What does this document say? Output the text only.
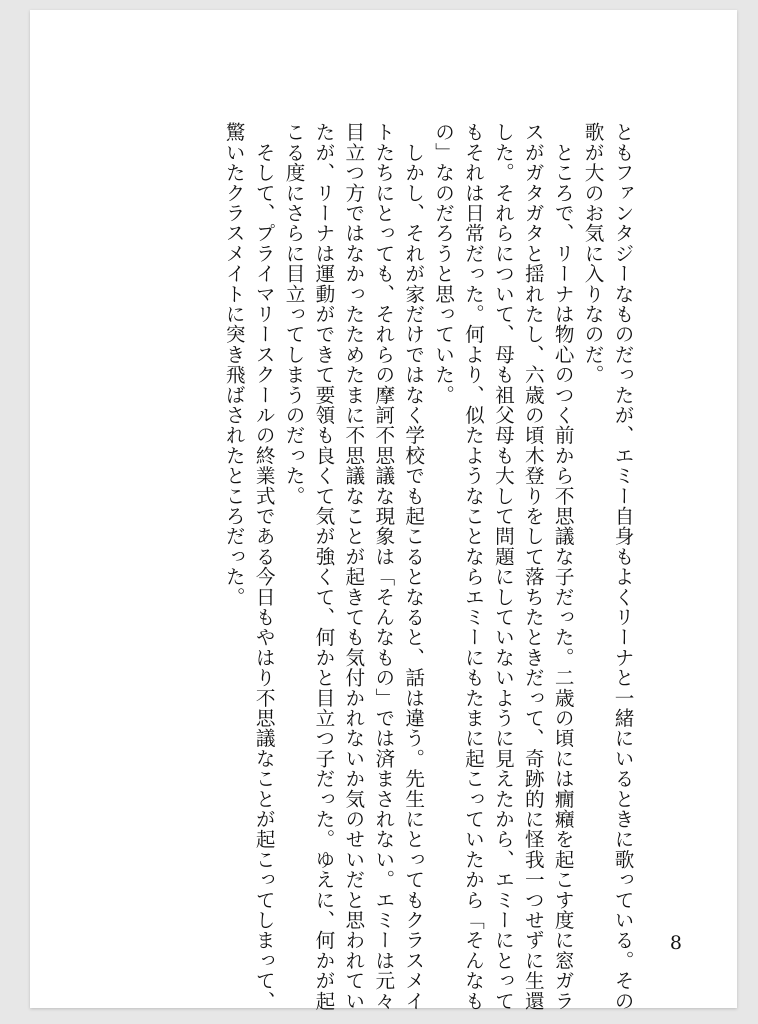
ともファンタジーなものだったが、エミー自身もよくリーナと一緒にいるときに歌っている。その
歌が大のお気に入りなのだ。
　ところで、リーナは物心のつく前から不思議な子だった。二歳の頃には癇癪を起こす度に窓ガラ
スがガタガタと揺れたし、六歳の頃木登りをして落ちたときだって、奇跡的に怪我一つせずに生還
した。それらについて、母も祖父母も大して問題にしていないように見えたから、エミーにとって
もそれは日常だった。何より、似たようなことならエミーにもたまに起こっていたから「そんなも
の」なのだろうと思っていた。
　しかし、それが家だけではなく学校でも起こるとなると、話は違う。先生にとってもクラスメイ
トたちにとっても、それらの摩訶不思議な現象は「そんなもの」では済まされない。エミーは元々
目立つ方ではなかったためたまに不思議なことが起きても気付かれないか気のせいだと思われてい
たが、リーナは運動ができて要領も良くて気が強くて、何かと目立つ子だった。ゆえに、何かが起
こる度にさらに目立ってしまうのだった。
　そして、プライマリースクールの終業式である今日もやはり不思議なことが起こってしまって、
驚いたクラスメイトに突き飛ばされたところだった。
8
